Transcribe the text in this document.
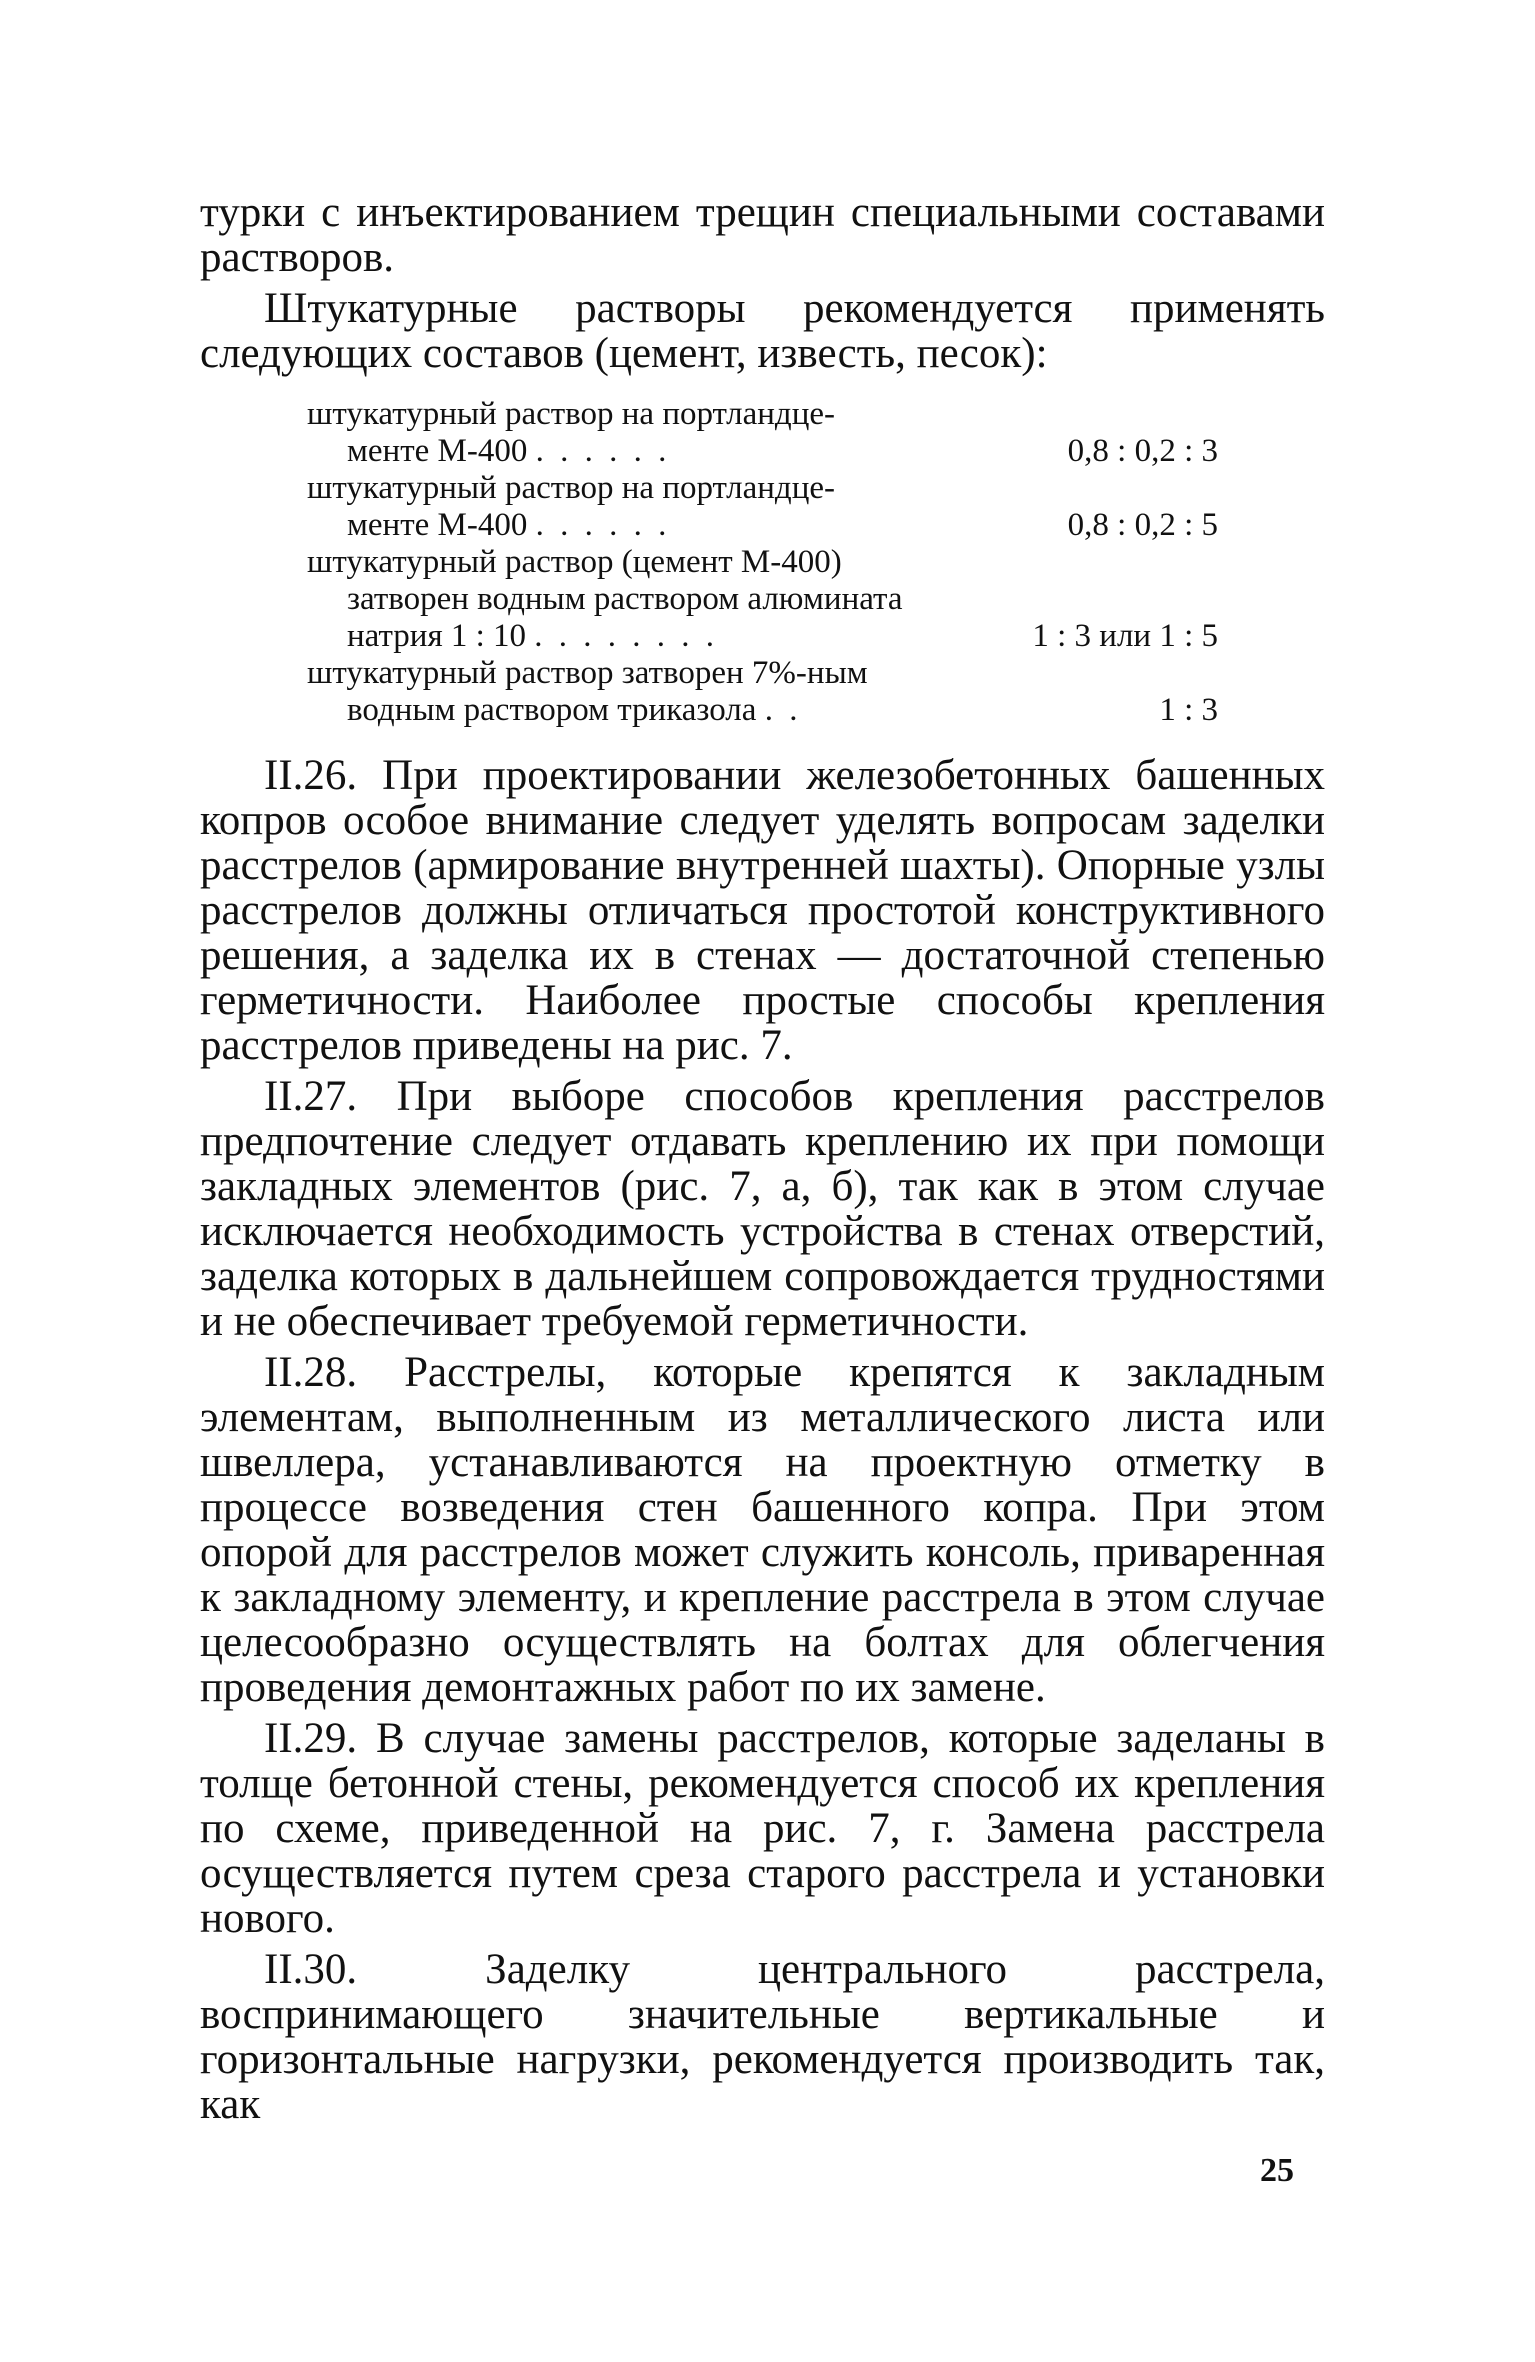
турки с инъектированием трещин специальными составами растворов.

Штукатурные растворы рекомендуется применять следующих составов (цемент, известь, песок):

штукатурный раствор на портландце-
менте М-400 . . . . . .	0,8 : 0,2 : 3
штукатурный раствор на портландце-
менте М-400 . . . . . .	0,8 : 0,2 : 5
штукатурный раствор (цемент М-400)
затворен водным раствором алюмината
натрия 1 : 10 . . . . . . . .	1 : 3 или 1 : 5
штукатурный раствор затворен 7%-ным
водным раствором триказола . .	1 : 3

II.26. При проектировании железобетонных башенных копров особое внимание следует уделять вопросам заделки расстрелов (армирование внутренней шахты). Опорные узлы расстрелов должны отличаться простотой конструктивного решения, а заделка их в стенах — достаточной степенью герметичности. Наиболее простые способы крепления расстрелов приведены на рис. 7.

II.27. При выборе способов крепления расстрелов предпочтение следует отдавать креплению их при помощи закладных элементов (рис. 7, а, б), так как в этом случае исключается необходимость устройства в стенах отверстий, заделка которых в дальнейшем сопровождается трудностями и не обеспечивает требуемой герметичности.

II.28. Расстрелы, которые крепятся к закладным элементам, выполненным из металлического листа или швеллера, устанавливаются на проектную отметку в процессе возведения стен башенного копра. При этом опорой для расстрелов может служить консоль, приваренная к закладному элементу, и крепление расстрела в этом случае целесообразно осуществлять на болтах для облегчения проведения демонтажных работ по их замене.

II.29. В случае замены расстрелов, которые заделаны в толще бетонной стены, рекомендуется способ их крепления по схеме, приведенной на рис. 7, г. Замена расстрела осуществляется путем среза старого расстрела и установки нового.

II.30. Заделку центрального расстрела, воспринимающего значительные вертикальные и горизонтальные нагрузки, рекомендуется производить так, как

25
